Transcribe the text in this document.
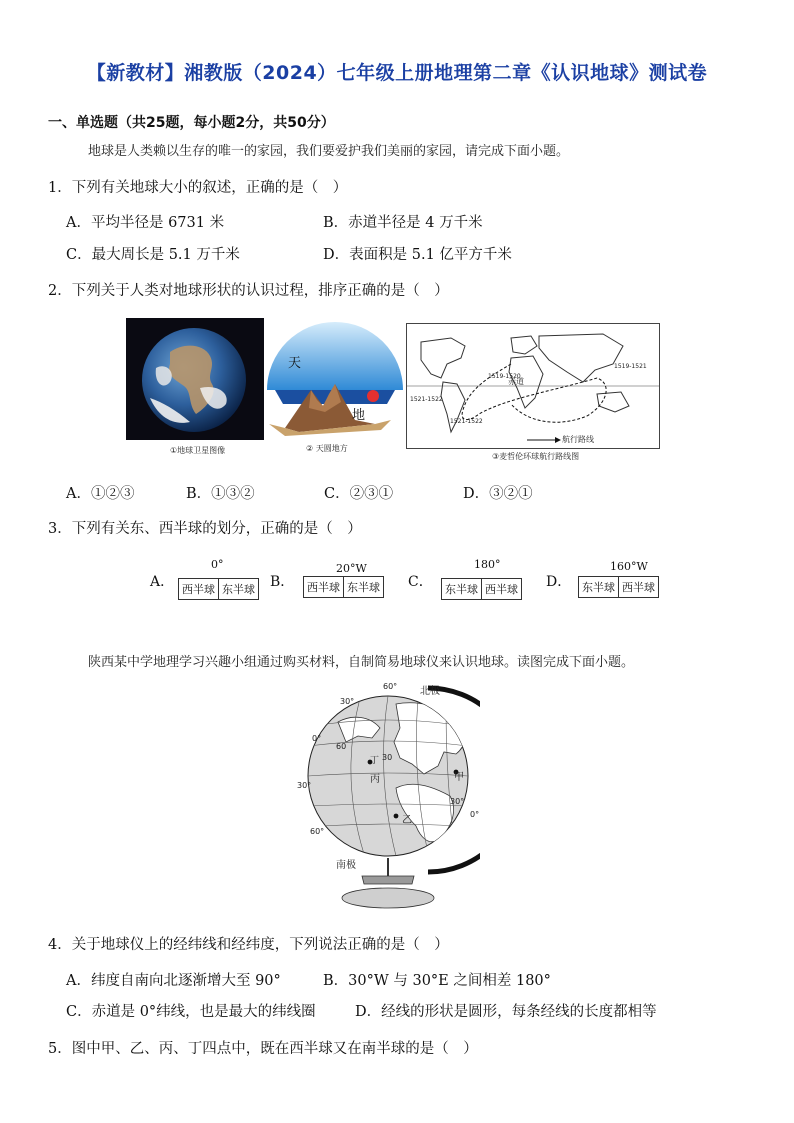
【新教材】湘教版（2024）七年级上册地理第二章《认识地球》测试卷
一、单选题（共25题，每小题2分，共50分）
地球是人类赖以生存的唯一的家园，我们要爱护我们美丽的家园，请完成下面小题。
1．下列有关地球大小的叙述，正确的是（　）
A．平均半径是 6731 米	B．赤道半径是 4 万千米
C．最大周长是 5.1 万千米	D．表面积是 5.1 亿平方千米
2．下列关于人类对地球形状的认识过程，排序正确的是（　）
①地球卫星图像
天
地
② 天圆地方
赤道
1519-1520
1521-1522
1521-1522
1519-1521
航行路线
③麦哲伦环球航行路线图
A．①②③	B．①③②	C．②③①	D．③②①
3．下列有关东、西半球的划分，正确的是（　）
A．
0°
西半球 东半球 B．
20°W
西半球 东半球 C．
180°
东半球 西半球 D．
160°W
东半球 西半球
陕西某中学地理学习兴趣小组通过购买材料，自制简易地球仪来认识地球。读图完成下面小题。
北极
南极
甲
乙
丙
丁
60°
30°
0°
30°
60°
60
30
30°
0°
4．关于地球仪上的经纬线和经纬度，下列说法正确的是（　）
A．纬度自南向北逐渐增大至 90°	B．30°W 与 30°E 之间相差 180°
C．赤道是 0°纬线，也是最大的纬线圈	D．经线的形状是圆形，每条经线的长度都相等
5．图中甲、乙、丙、丁四点中，既在西半球又在南半球的是（　）
